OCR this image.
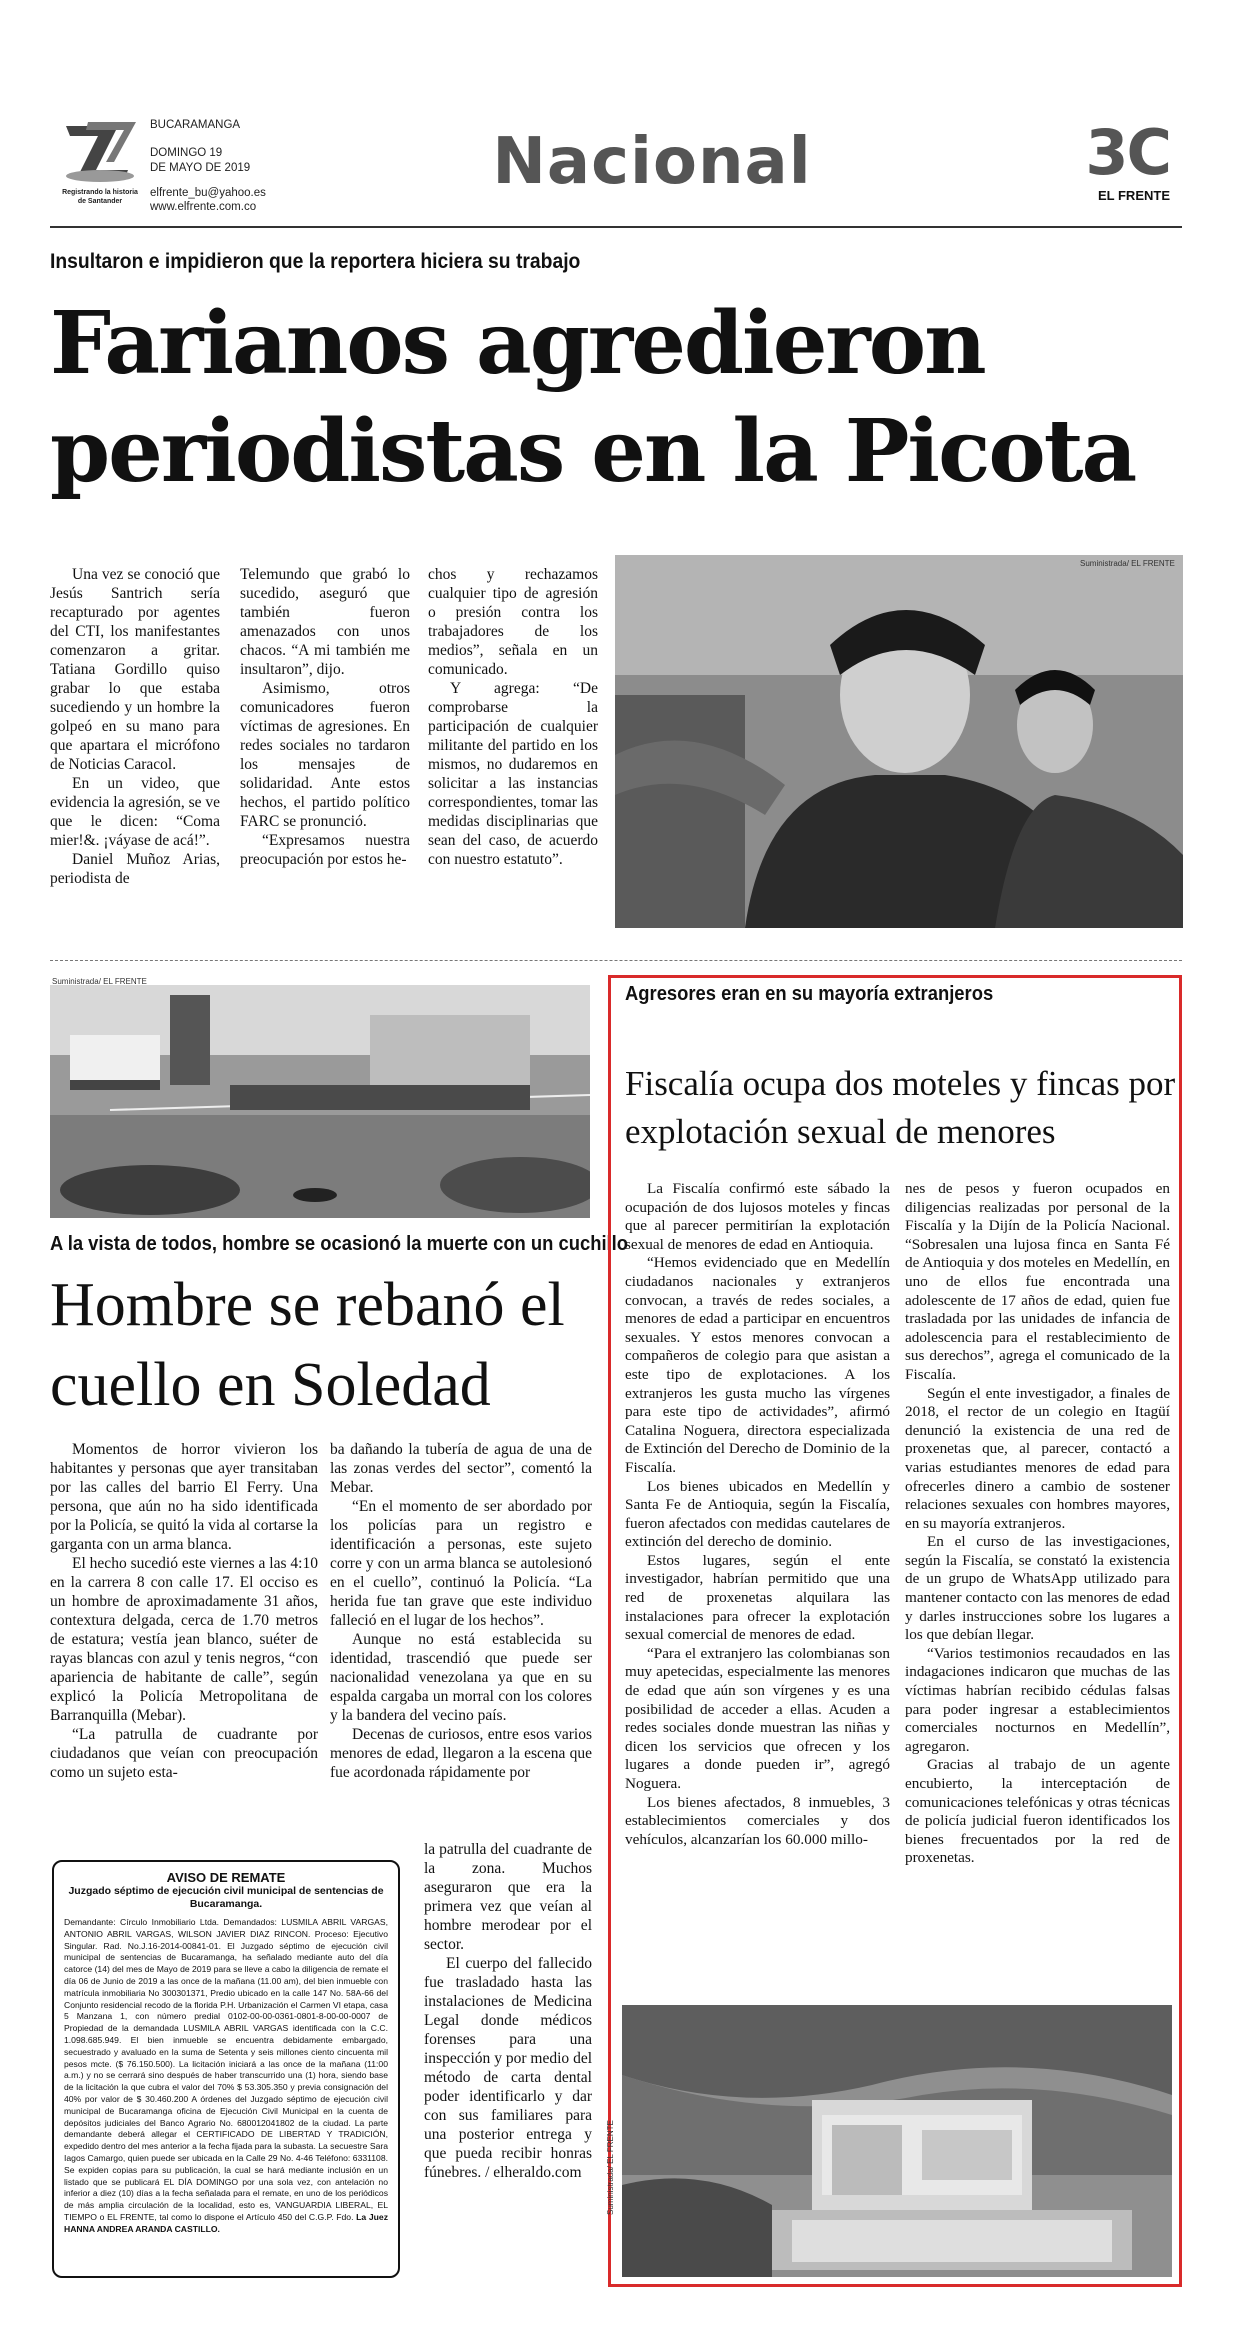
Registrando la historia
de Santander
BUCARAMANGA
DOMINGO 19
DE MAYO DE 2019
elfrente_bu@yahoo.es
www.elfrente.com.co
Nacional	3C
EL FRENTE
Insultaron e impidieron que la reportera hiciera su trabajo
Farianos agredieron periodistas en la Picota

Una vez se conoció que Jesús Santrich sería recapturado por agentes del CTI, los manifestantes comenzaron a gritar. Tatiana Gordillo quiso grabar lo que estaba sucediendo y un hombre la golpeó en su mano para que apartara el micrófono de Noticias Caracol.

En un video, que evidencia la agresión, se ve que le dicen: “Coma mier!&. ¡váyase de acá!”.

Daniel Muñoz Arias, periodista de

Telemundo que grabó lo sucedido, aseguró que también fueron amenazados con unos chacos. “A mi también me insultaron”, dijo.

Asimismo, otros comunicadores fueron víctimas de agresiones. En redes sociales no tardaron los mensajes de solidaridad. Ante estos hechos, el partido político FARC se pronunció.

“Expresamos nuestra preocupación por estos he-

chos y rechazamos cualquier tipo de agresión o presión contra los trabajadores de los medios”, señala en un comunicado.

Y agrega: “De comprobarse la participación de cualquier militante del partido en los mismos, no dudaremos en solicitar a las instancias correspondientes, tomar las medidas disciplinarias que sean del caso, de acuerdo con nuestro estatuto”.

Suministrada/ EL FRENTE
Suministrada/ EL FRENTE
A la vista de todos, hombre se ocasionó la muerte con un cuchillo
Hombre se rebanó el cuello en Soledad

Momentos de horror vivieron los habitantes y personas que ayer transitaban por las calles del barrio El Ferry. Una persona, que aún no ha sido identificada por la Policía, se quitó la vida al cortarse la garganta con un arma blanca.

El hecho sucedió este viernes a las 4:10 en la carrera 8 con calle 17. El occiso es un hombre de aproximadamente 31 años, contextura delgada, cerca de 1.70 metros de estatura; vestía jean blanco, suéter de rayas blancas con azul y tenis negros, “con apariencia de habitante de calle”, según explicó la Policía Metropolitana de Barranquilla (Mebar).

“La patrulla de cuadrante por ciudadanos que veían con preocupación como un sujeto esta-

ba dañando la tubería de agua de una de las zonas verdes del sector”, comentó la Mebar.

“En el momento de ser abordado por los policías para un registro e identificación a personas, este sujeto corre y con un arma blanca se autolesionó en el cuello”, continuó la Policía. “La herida fue tan grave que este individuo falleció en el lugar de los hechos”.

Aunque no está establecida su identidad, trascendió que puede ser nacionalidad venezolana ya que en su espalda cargaba un morral con los colores y la bandera del vecino país.

Decenas de curiosos, entre esos varios menores de edad, llegaron a la escena que fue acordonada rápidamente por

la patrulla del cuadrante de la zona. Muchos aseguraron que era la primera vez que veían al hombre merodear por el sector.

El cuerpo del fallecido fue trasladado hasta las instalaciones de Medicina Legal donde médicos forenses para una inspección y por medio del método de carta dental poder identificarlo y dar con sus familiares para una posterior entrega y que pueda recibir honras fúnebres. / elheraldo.com

AVISO DE REMATE
Juzgado séptimo de ejecución civil municipal de sentencias de Bucaramanga.
Demandante: Círculo Inmobiliario Ltda. Demandados: LUSMILA ABRIL VARGAS, ANTONIO ABRIL VARGAS, WILSON JAVIER DIAZ RINCON. Proceso: Ejecutivo Singular. Rad. No.J.16-2014-00841-01. El Juzgado séptimo de ejecución civil municipal de sentencias de Bucaramanga, ha señalado mediante auto del día catorce (14) del mes de Mayo de 2019 para se lleve a cabo la diligencia de remate el día 06 de Junio de 2019 a las once de la mañana (11.00 am), del bien inmueble con matrícula inmobiliaria No 300301371, Predio ubicado en la calle 147 No. 58A-66 del Conjunto residencial recodo de la florida P.H. Urbanización el Carmen VI etapa, casa 5 Manzana 1, con número predial 0102-00-00-0361-0801-8-00-00-0007 de Propiedad de la demandada LUSMILA ABRIL VARGAS identificada con la C.C. 1.098.685.949. El bien inmueble se encuentra debidamente embargado, secuestrado y avaluado en la suma de Setenta y seis millones ciento cincuenta mil pesos mcte. ($ 76.150.500). La licitación iniciará a las once de la mañana (11:00 a.m.) y no se cerrará sino después de haber transcurrido una (1) hora, siendo base de la licitación la que cubra el valor del 70% $ 53.305.350 y previa consignación del 40% por valor de $ 30.460.200 A órdenes del Juzgado séptimo de ejecución civil municipal de Bucaramanga oficina de Ejecución Civil Municipal en la cuenta de depósitos judiciales del Banco Agrario No. 680012041802 de la ciudad. La parte demandante deberá allegar el CERTIFICADO DE LIBERTAD Y TRADICIÓN, expedido dentro del mes anterior a la fecha fijada para la subasta. La secuestre Sara Iagos Camargo, quien puede ser ubicada en la Calle 29 No. 4-46 Teléfono: 6331108. Se expiden copias para su publicación, la cual se hará mediante inclusión en un listado que se publicará EL DÍA DOMINGO por una sola vez, con antelación no inferior a diez (10) días a la fecha señalada para el remate, en uno de los periódicos de más amplia circulación de la localidad, esto es, VANGUARDIA LIBERAL, EL TIEMPO o EL FRENTE, tal como lo dispone el Artículo 450 del C.G.P. Fdo. La Juez HANNA ANDREA ARANDA CASTILLO.
Agresores eran en su mayoría extranjeros
Fiscalía ocupa dos moteles y fincas por explotación sexual de menores

La Fiscalía confirmó este sábado la ocupación de dos lujosos moteles y fincas que al parecer permitirían la explotación sexual de menores de edad en Antioquia.

“Hemos evidenciado que en Medellín ciudadanos nacionales y extranjeros convocan, a través de redes sociales, a menores de edad a participar en encuentros sexuales. Y estos menores convocan a compañeros de colegio para que asistan a este tipo de explotaciones. A los extranjeros les gusta mucho las vírgenes para este tipo de actividades”, afirmó Catalina Noguera, directora especializada de Extinción del Derecho de Dominio de la Fiscalía.

Los bienes ubicados en Medellín y Santa Fe de Antioquia, según la Fiscalía, fueron afectados con medidas cautelares de extinción del derecho de dominio.

Estos lugares, según el ente investigador, habrían permitido que una red de proxenetas alquilara las instalaciones para ofrecer la explotación sexual comercial de menores de edad.

“Para el extranjero las colombianas son muy apetecidas, especialmente las menores de edad que aún son vírgenes y es una posibilidad de acceder a ellas. Acuden a redes sociales donde muestran las niñas y dicen los servicios que ofrecen y los lugares a donde pueden ir”, agregó Noguera.

Los bienes afectados, 8 inmuebles, 3 establecimientos comerciales y dos vehículos, alcanzarían los 60.000 millo-

nes de pesos y fueron ocupados en diligencias realizadas por personal de la Fiscalía y la Dijín de la Policía Nacional. “Sobresalen una lujosa finca en Santa Fé de Antioquia y dos moteles en Medellín, en uno de ellos fue encontrada una adolescente de 17 años de edad, quien fue trasladada por las unidades de infancia de adolescencia para el restablecimiento de sus derechos”, agrega el comunicado de la Fiscalía.

Según el ente investigador, a finales de 2018, el rector de un colegio en Itagüí denunció la existencia de una red de proxenetas que, al parecer, contactó a varias estudiantes menores de edad para ofrecerles dinero a cambio de sostener relaciones sexuales con hombres mayores, en su mayoría extranjeros.

En el curso de las investigaciones, según la Fiscalía, se constató la existencia de un grupo de WhatsApp utilizado para mantener contacto con las menores de edad y darles instrucciones sobre los lugares a los que debían llegar.

“Varios testimonios recaudados en las indagaciones indicaron que muchas de las víctimas habrían recibido cédulas falsas para poder ingresar a establecimientos comerciales nocturnos en Medellín”, agregaron.

Gracias al trabajo de un agente encubierto, la interceptación de comunicaciones telefónicas y otras técnicas de policía judicial fueron identificados los bienes frecuentados por la red de proxenetas.

Suministrada/ EL FRENTE
